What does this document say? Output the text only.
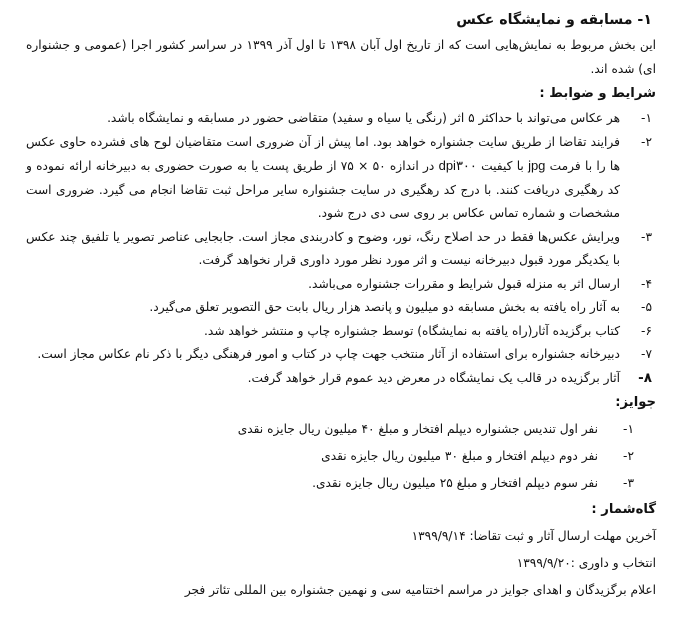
۱- مسابقه و نمایشگاه عکس

این بخش مربوط به نمایش‌هایی است که از تاریخ اول آبان ۱۳۹۸ تا اول آذر ۱۳۹۹ در سراسر کشور اجرا (عمومی و جشنواره ای) شده اند.

شرایط و ضوابط :
۱-
هر عکاس می‌تواند با حداکثر ۵ اثر (رنگی یا سیاه و سفید) متقاضی حضور در مسابقه و نمایشگاه باشد.
۲-
فرایند تقاضا از طریق سایت جشنواره خواهد بود. اما پیش از آن ضروری است متقاضیان لوح های فشرده حاوی عکس ها را با فرمت jpg با کیفیت dpi۳۰۰ در اندازه ۵۰ × ۷۵ از طریق پست یا به صورت حضوری به دبیرخانه ارائه نموده و کد رهگیری دریافت کنند. با درج کد رهگیری در سایت جشنواره سایر مراحل ثبت تقاضا انجام می گیرد. ضروری است مشخصات و شماره تماس عکاس بر روی سی دی درج شود.
۳-
ویرایش عکس‌ها فقط در حد اصلاح رنگ، نور، وضوح و کادربندی مجاز است. جابجایی عناصر تصویر یا تلفیق چند عکس با یکدیگر مورد قبول دبیرخانه نیست و اثر مورد نظر مورد داوری قرار نخواهد گرفت.
۴-
ارسال اثر به منزله قبول شرایط و مقررات جشنواره می‌باشد.
۵-
به آثار راه یافته به بخش مسابقه دو میلیون و پانصد هزار ریال بابت حق التصویر تعلق می‌گیرد.
۶-
کتاب برگزیده آثار(راه یافته به نمایشگاه) توسط جشنواره چاپ و منتشر خواهد شد.
۷-
دبیرخانه جشنواره برای استفاده از آثار منتخب جهت چاپ در کتاب و امور فرهنگی دیگر با ذکر نام عکاس مجاز است.
۸-
آثار برگزیده در قالب یک نمایشگاه در معرض دید عموم قرار خواهد گرفت.
جوایز:
۱-
نفر اول تندیس جشنواره دیپلم افتخار و مبلغ ۴۰ میلیون ریال جایزه نقدی
۲-
نفر دوم دیپلم افتخار و مبلغ ۳۰ میلیون ریال جایزه نقدی
۳-
نفر سوم دیپلم افتخار و مبلغ ۲۵ میلیون ریال جایزه نقدی.
گاه‌شمار :

آخرین مهلت ارسال آثار و ثبت تقاضا: ۱۳۹۹/۹/۱۴

انتخاب و داوری :۱۳۹۹/۹/۲۰

اعلام برگزیدگان و اهدای جوایز در مراسم اختتامیه سی و نهمین جشنواره بین المللی تئاتر فجر
